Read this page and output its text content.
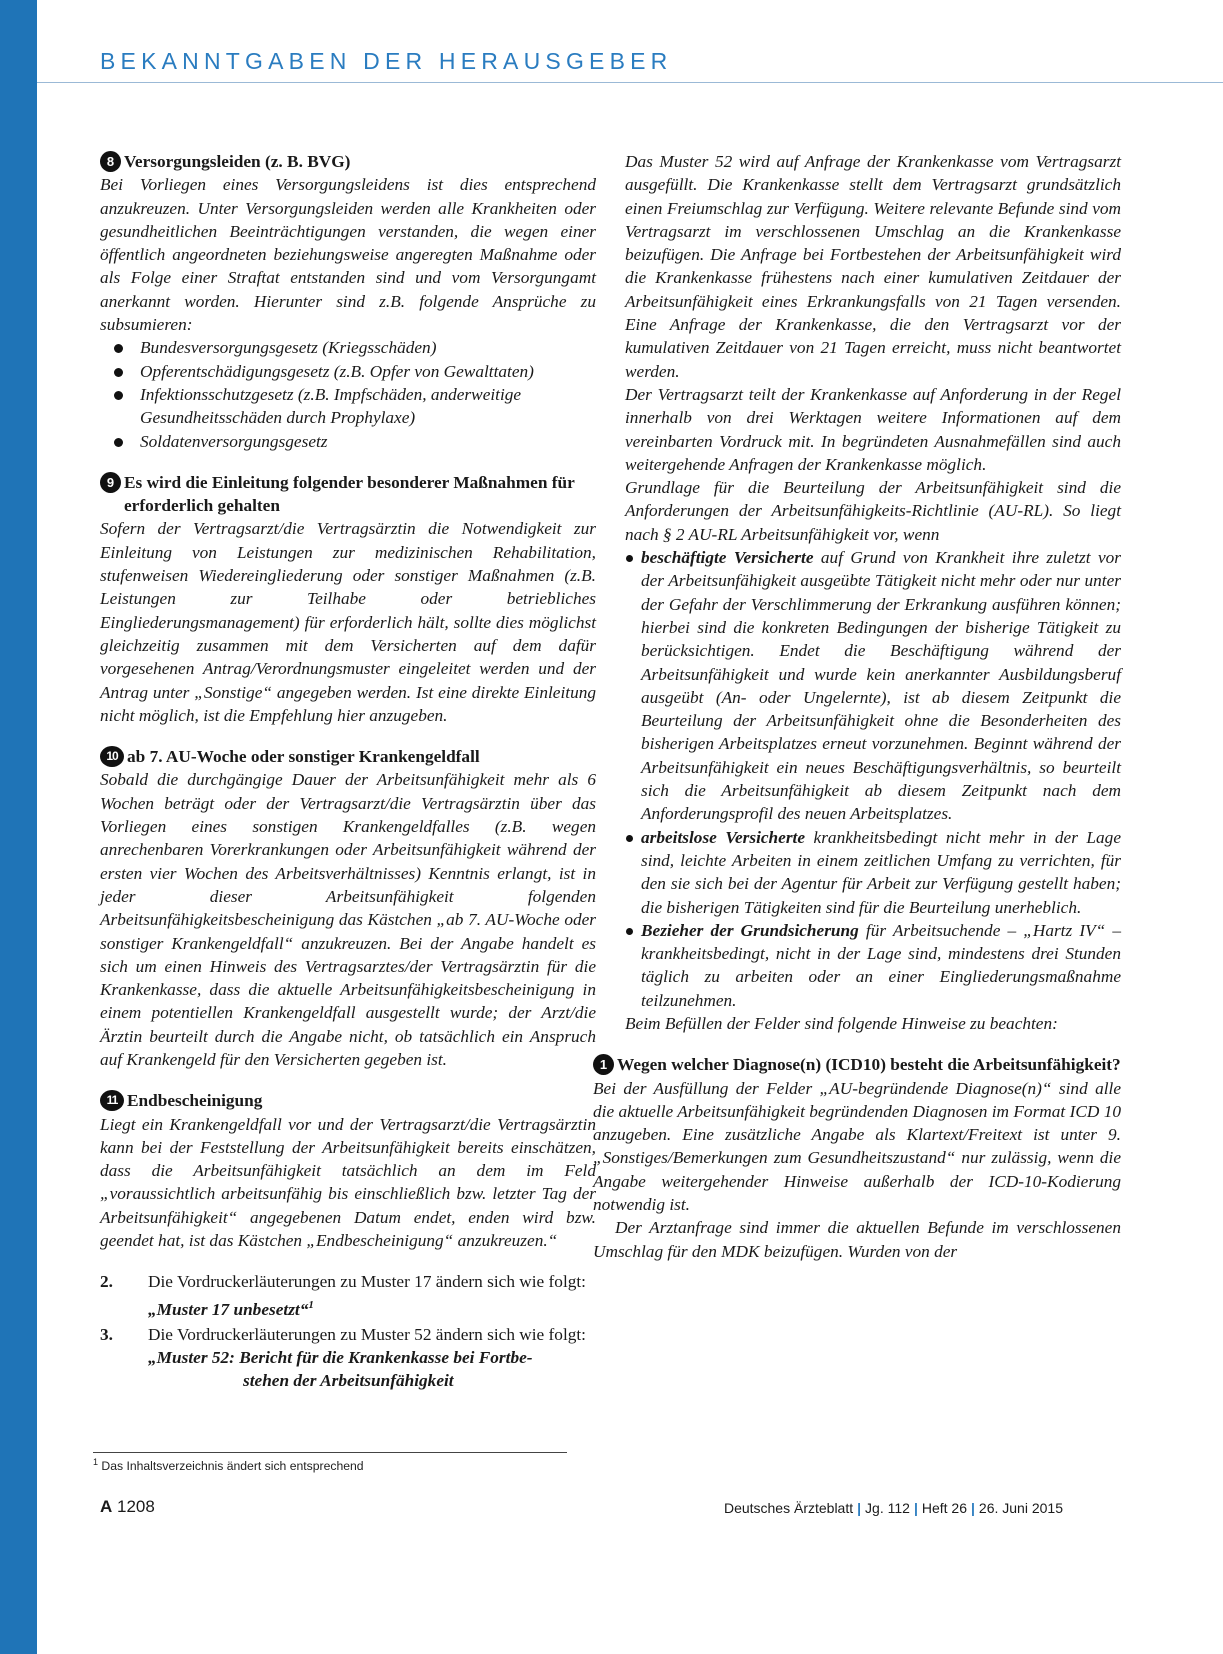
BEKANNTGABEN DER HERAUSGEBER
8 Versorgungsleiden (z. B. BVG)

Bei Vorliegen eines Versorgungsleidens ist dies entsprechend anzukreuzen. Unter Versorgungsleiden werden alle Krankheiten oder gesundheitlichen Beeinträchtigungen verstanden, die wegen einer öffentlich angeordneten beziehungsweise angeregten Maßnahme oder als Folge einer Straftat entstanden sind und vom Versorgungamt anerkannt worden. Hierunter sind z.B. folgende Ansprüche zu subsumieren:

Bundesversorgungsgesetz (Kriegsschäden)
Opferentschädigungsgesetz (z.B. Opfer von Gewalttaten)
Infektionsschutzgesetz (z.B. Impfschäden, anderweitige Gesundheitsschäden durch Prophylaxe)
Soldatenversorgungsgesetz
9 Es wird die Einleitung folgender besonderer Maßnahmen für erforderlich gehalten

Sofern der Vertragsarzt/die Vertragsärztin die Notwendigkeit zur Einleitung von Leistungen zur medizinischen Rehabilitation, stufenweisen Wiedereingliederung oder sonstiger Maßnahmen (z.B. Leistungen zur Teilhabe oder betriebliches Eingliederungsmanagement) für erforderlich hält, sollte dies möglichst gleichzeitig zusammen mit dem Versicherten auf dem dafür vorgesehenen Antrag/Verordnungsmuster eingeleitet werden und der Antrag unter „Sonstige“ angegeben werden. Ist eine direkte Einleitung nicht möglich, ist die Empfehlung hier anzugeben.

10 ab 7. AU-Woche oder sonstiger Krankengeldfall

Sobald die durchgängige Dauer der Arbeitsunfähigkeit mehr als 6 Wochen beträgt oder der Vertragsarzt/die Vertragsärztin über das Vorliegen eines sonstigen Krankengeldfalles (z.B. wegen anrechenbaren Vorerkrankungen oder Arbeitsunfähigkeit während der ersten vier Wochen des Arbeitsverhältnisses) Kenntnis erlangt, ist in jeder dieser Arbeitsunfähigkeit folgenden Arbeitsunfähigkeitsbescheinigung das Kästchen „ab 7. AU-Woche oder sonstiger Krankengeldfall“ anzukreuzen. Bei der Angabe handelt es sich um einen Hinweis des Vertragsarztes/der Vertragsärztin für die Krankenkasse, dass die aktuelle Arbeitsunfähigkeitsbescheinigung in einem potentiellen Krankengeldfall ausgestellt wurde; der Arzt/die Ärztin beurteilt durch die Angabe nicht, ob tatsächlich ein Anspruch auf Krankengeld für den Versicherten gegeben ist.

11 Endbescheinigung

Liegt ein Krankengeldfall vor und der Vertragsarzt/die Vertragsärztin kann bei der Feststellung der Arbeitsunfähigkeit bereits einschätzen, dass die Arbeitsunfähigkeit tatsächlich an dem im Feld „voraussichtlich arbeitsunfähig bis einschließlich bzw. letzter Tag der Arbeitsunfähigkeit“ angegebenen Datum endet, enden wird bzw. geendet hat, ist das Kästchen „Endbescheinigung“ anzukreuzen.“

2.	Die Vordruckerläuterungen zu Muster 17 ändern sich wie folgt:
„Muster 17 unbesetzt“$^1$
3.	Die Vordruckerläuterungen zu Muster 52 ändern sich wie folgt:
„Muster 52: Bericht für die Krankenkasse bei Fortbe-
stehen der Arbeitsunfähigkeit

Das Muster 52 wird auf Anfrage der Krankenkasse vom Vertragsarzt ausgefüllt. Die Krankenkasse stellt dem Vertragsarzt grundsätzlich einen Freiumschlag zur Verfügung. Weitere relevante Befunde sind vom Vertragsarzt im verschlossenen Umschlag an die Krankenkasse beizufügen. Die Anfrage bei Fortbestehen der Arbeitsunfähigkeit wird die Krankenkasse frühestens nach einer kumulativen Zeitdauer der Arbeitsunfähigkeit eines Erkrankungsfalls von 21 Tagen versenden. Eine Anfrage der Krankenkasse, die den Vertragsarzt vor der kumulativen Zeitdauer von 21 Tagen erreicht, muss nicht beantwortet werden.

Der Vertragsarzt teilt der Krankenkasse auf Anforderung in der Regel innerhalb von drei Werktagen weitere Informationen auf dem vereinbarten Vordruck mit. In begründeten Ausnahmefällen sind auch weitergehende Anfragen der Krankenkasse möglich.

Grundlage für die Beurteilung der Arbeitsunfähigkeit sind die Anforderungen der Arbeitsunfähigkeits-Richtlinie (AU-RL). So liegt nach § 2 AU-RL Arbeitsunfähigkeit vor, wenn

beschäftigte Versicherte auf Grund von Krankheit ihre zuletzt vor der Arbeitsunfähigkeit ausgeübte Tätigkeit nicht mehr oder nur unter der Gefahr der Verschlimmerung der Erkrankung ausführen können; hierbei sind die konkreten Bedingungen der bisherige Tätigkeit zu berücksichtigen. Endet die Beschäftigung während der Arbeitsunfähigkeit und wurde kein anerkannter Ausbildungsberuf ausgeübt (An- oder Ungelernte), ist ab diesem Zeitpunkt die Beurteilung der Arbeitsunfähigkeit ohne die Besonderheiten des bisherigen Arbeitsplatzes erneut vorzunehmen. Beginnt während der Arbeitsunfähigkeit ein neues Beschäftigungsverhältnis, so beurteilt sich die Arbeitsunfähigkeit ab diesem Zeitpunkt nach dem Anforderungsprofil des neuen Arbeitsplatzes.
arbeitslose Versicherte krankheitsbedingt nicht mehr in der Lage sind, leichte Arbeiten in einem zeitlichen Umfang zu verrichten, für den sie sich bei der Agentur für Arbeit zur Verfügung gestellt haben; die bisherigen Tätigkeiten sind für die Beurteilung unerheblich.
Bezieher der Grundsicherung für Arbeitsuchende – „Hartz IV“ – krankheitsbedingt, nicht in der Lage sind, mindestens drei Stunden täglich zu arbeiten oder an einer Eingliederungsmaßnahme teilzunehmen.

Beim Befüllen der Felder sind folgende Hinweise zu beachten:

1 Wegen welcher Diagnose(n) (ICD10) besteht die Arbeitsunfähigkeit?

Bei der Ausfüllung der Felder „AU-begründende Diagnose(n)“ sind alle die aktuelle Arbeitsunfähigkeit begründenden Diagnosen im Format ICD 10 anzugeben. Eine zusätzliche Angabe als Klartext/Freitext ist unter 9. „Sonstiges/Bemerkungen zum Gesundheitszustand“ nur zulässig, wenn die Angabe weitergehender Hinweise außerhalb der ICD-10-Kodierung notwendig ist.

Der Arztanfrage sind immer die aktuellen Befunde im verschlossenen Umschlag für den MDK beizufügen. Wurden von der

$^1$ Das Inhaltsverzeichnis ändert sich entsprechend
A 1208	Deutsches Ärzteblatt | Jg. 112 | Heft 26 | 26. Juni 2015
